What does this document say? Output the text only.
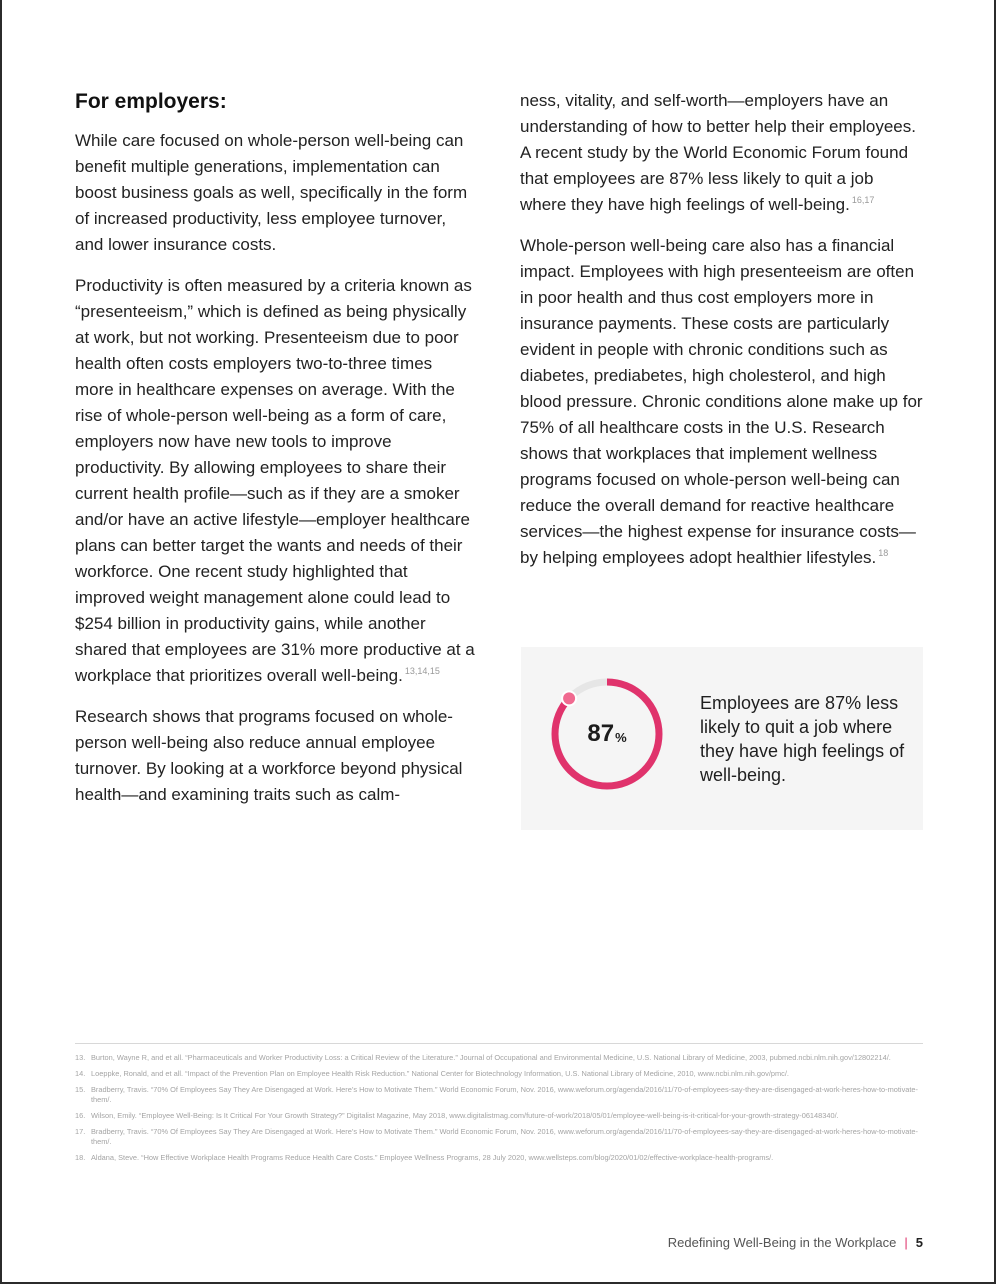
For employers:

While care focused on whole-person well-being can benefit multiple generations, implementation can boost business goals as well, specifically in the form of increased productivity, less employee turnover, and lower insurance costs.

Productivity is often measured by a criteria known as “presenteeism,” which is defined as being physically at work, but not working. Presenteeism due to poor health often costs employers two-to-three times more in healthcare expenses on average. With the rise of whole-person well-being as a form of care, employers now have new tools to improve productivity. By allowing employees to share their current health profile—such as if they are a smoker and/or have an active lifestyle—employer healthcare plans can better target the wants and needs of their workforce. One recent study highlighted that improved weight management alone could lead to $254 billion in productivity gains, while another shared that employees are 31% more productive at a workplace that prioritizes overall well-being. $^{13,14,15}$

Research shows that programs focused on whole-person well-being also reduce annual employee turnover. By looking at a workforce beyond physical health—and examining traits such as calm-

ness, vitality, and self-worth—employers have an understanding of how to better help their employees. A recent study by the World Economic Forum found that employees are 87% less likely to quit a job where they have high feelings of well-being. $^{16,17}$

Whole-person well-being care also has a financial impact. Employees with high presenteeism are often in poor health and thus cost employers more in insurance payments. These costs are particularly evident in people with chronic conditions such as diabetes, prediabetes, high cholesterol, and high blood pressure. Chronic conditions alone make up for 75% of all healthcare costs in the U.S. Research shows that workplaces that implement wellness programs focused on whole-person well-being can reduce the overall demand for reactive healthcare services—the highest expense for insurance costs—by helping employees adopt healthier lifestyles. $^{18}$

87 %
Employees are 87% less likely to quit a job where they have high feelings of well-being.
13. Burton, Wayne R, and et all. “Pharmaceuticals and Worker Productivity Loss: a Critical Review of the Literature.” Journal of Occupational and Environmental Medicine, U.S. National Library of Medicine, 2003, pubmed.ncbi.nlm.nih.gov/12802214/.
14. Loeppke, Ronald, and et all. “Impact of the Prevention Plan on Employee Health Risk Reduction.” National Center for Biotechnology Information, U.S. National Library of Medicine, 2010, www.ncbi.nlm.nih.gov/pmc/.
15. Bradberry, Travis. “70% Of Employees Say They Are Disengaged at Work. Here’s How to Motivate Them.” World Economic Forum, Nov. 2016, www.weforum.org/agenda/2016/11/70-of-employees-say-they-are-disengaged-at-work-heres-how-to-motivate-them/.
16. Wilson, Emily. “Employee Well-Being: Is It Critical For Your Growth Strategy?” Digitalist Magazine, May 2018, www.digitalistmag.com/future-of-work/2018/05/01/employee-well-being-is-it-critical-for-your-growth-strategy-06148340/.
17. Bradberry, Travis. “70% Of Employees Say They Are Disengaged at Work. Here’s How to Motivate Them.” World Economic Forum, Nov. 2016, www.weforum.org/agenda/2016/11/70-of-employees-say-they-are-disengaged-at-work-heres-how-to-motivate-them/.
18. Aldana, Steve. “How Effective Workplace Health Programs Reduce Health Care Costs.” Employee Wellness Programs, 28 July 2020, www.wellsteps.com/blog/2020/01/02/effective-workplace-health-programs/.
Redefining Well-Being in the Workplace | 5
